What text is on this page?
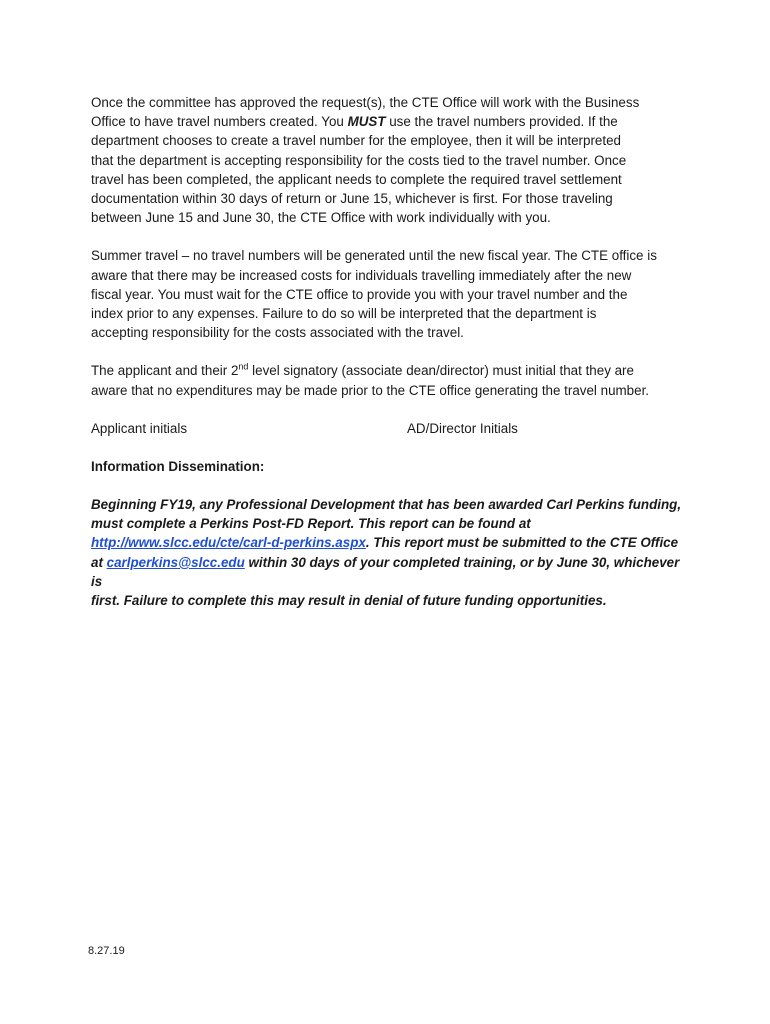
Once the committee has approved the request(s), the CTE Office will work with the Business

Office to have travel numbers created. You MUST use the travel numbers provided. If the

department chooses to create a travel number for the employee, then it will be interpreted

that the department is accepting responsibility for the costs tied to the travel number. Once

travel has been completed, the applicant needs to complete the required travel settlement

documentation within 30 days of return or June 15, whichever is first. For those traveling

between June 15 and June 30, the CTE Office with work individually with you.

Summer travel – no travel numbers will be generated until the new fiscal year. The CTE office is

aware that there may be increased costs for individuals travelling immediately after the new

fiscal year. You must wait for the CTE office to provide you with your travel number and the

index prior to any expenses. Failure to do so will be interpreted that the department is

accepting responsibility for the costs associated with the travel.

The applicant and their 2nd level signatory (associate dean/director) must initial that they are

aware that no expenditures may be made prior to the CTE office generating the travel number.

Applicant initials	AD/Director Initials

Information Dissemination:

Beginning FY19, any Professional Development that has been awarded Carl Perkins funding,

must complete a Perkins Post-FD Report. This report can be found at

http://www.slcc.edu/cte/carl-d-perkins.aspx. This report must be submitted to the CTE Office

at carlperkins@slcc.edu within 30 days of your completed training, or by June 30, whichever is

first. Failure to complete this may result in denial of future funding opportunities.

8.27.19
